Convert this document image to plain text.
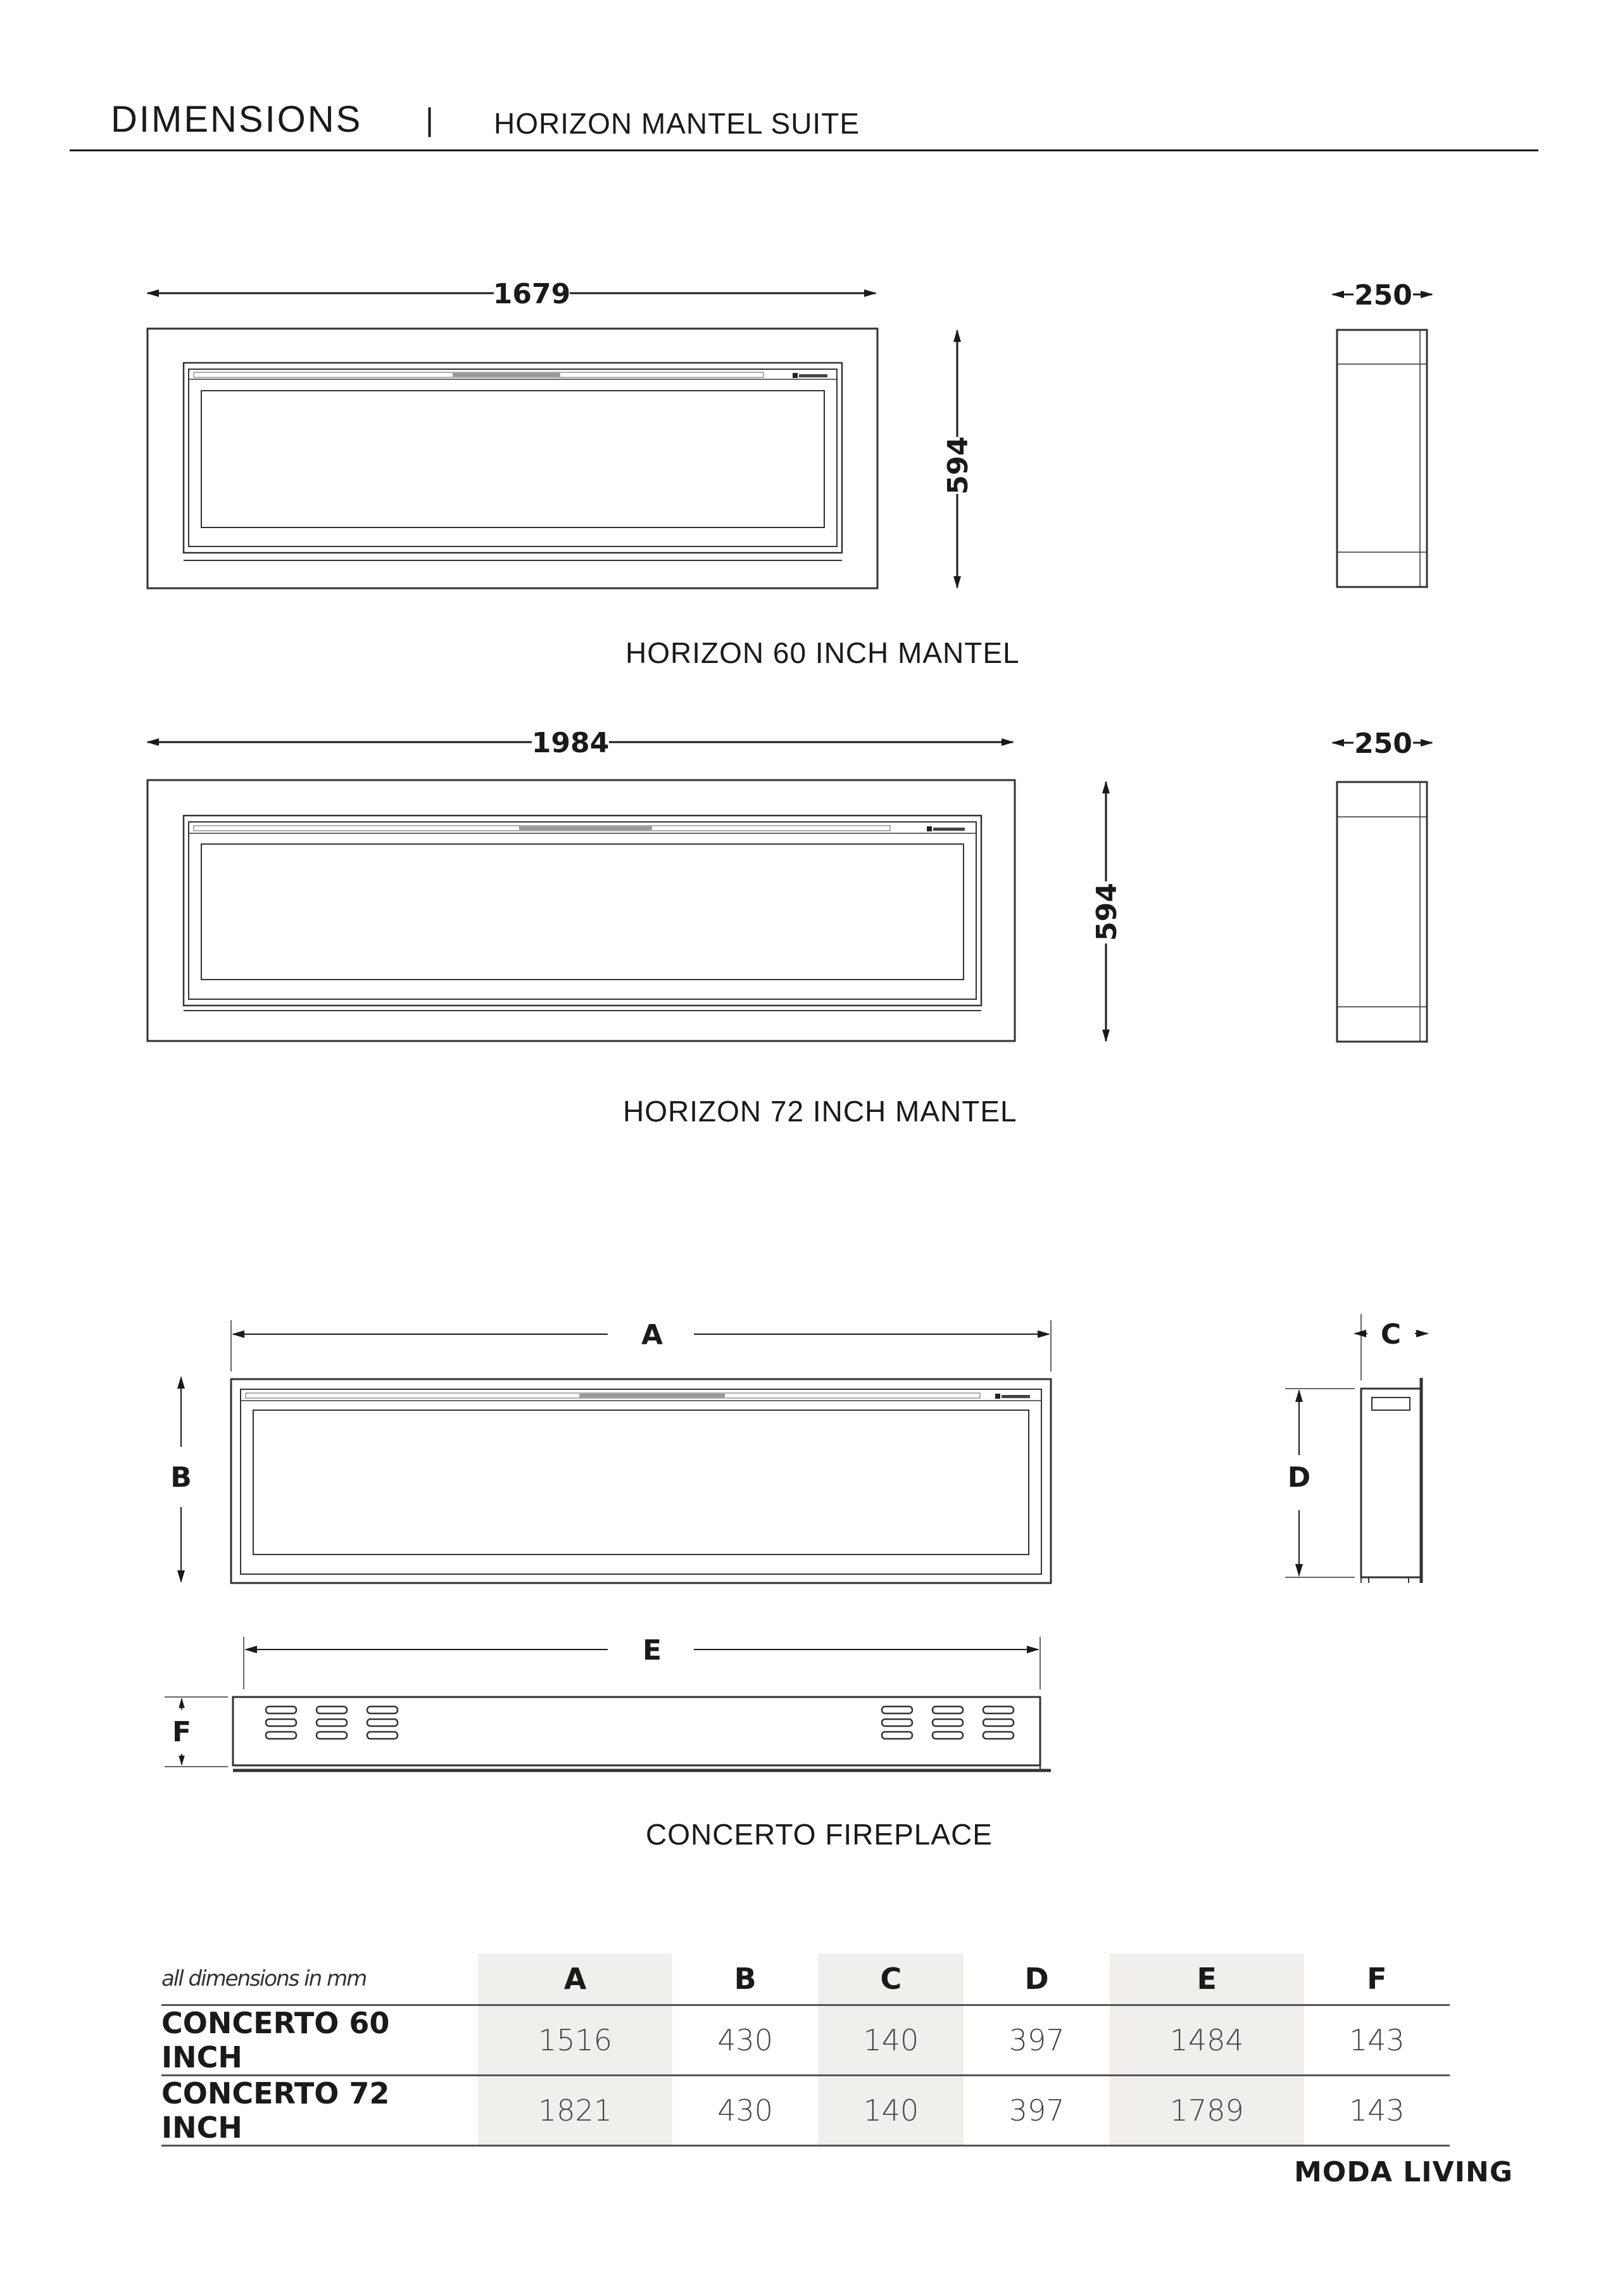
DIMENSIONS | HORIZON MANTEL SUITE
1679
594
250
1984
594
250
A
B
C
D
E
F
HORIZON 60 INCH MANTEL
HORIZON 72 INCH MANTEL
CONCERTO FIREPLACE
all dimensions in mm	A	B	C	D	E	F
CONCERTO 60 INCH	1516	430	140	397	1484	143
CONCERTO 72 INCH	1821	430	140	397	1789	143
MODA LIVING
